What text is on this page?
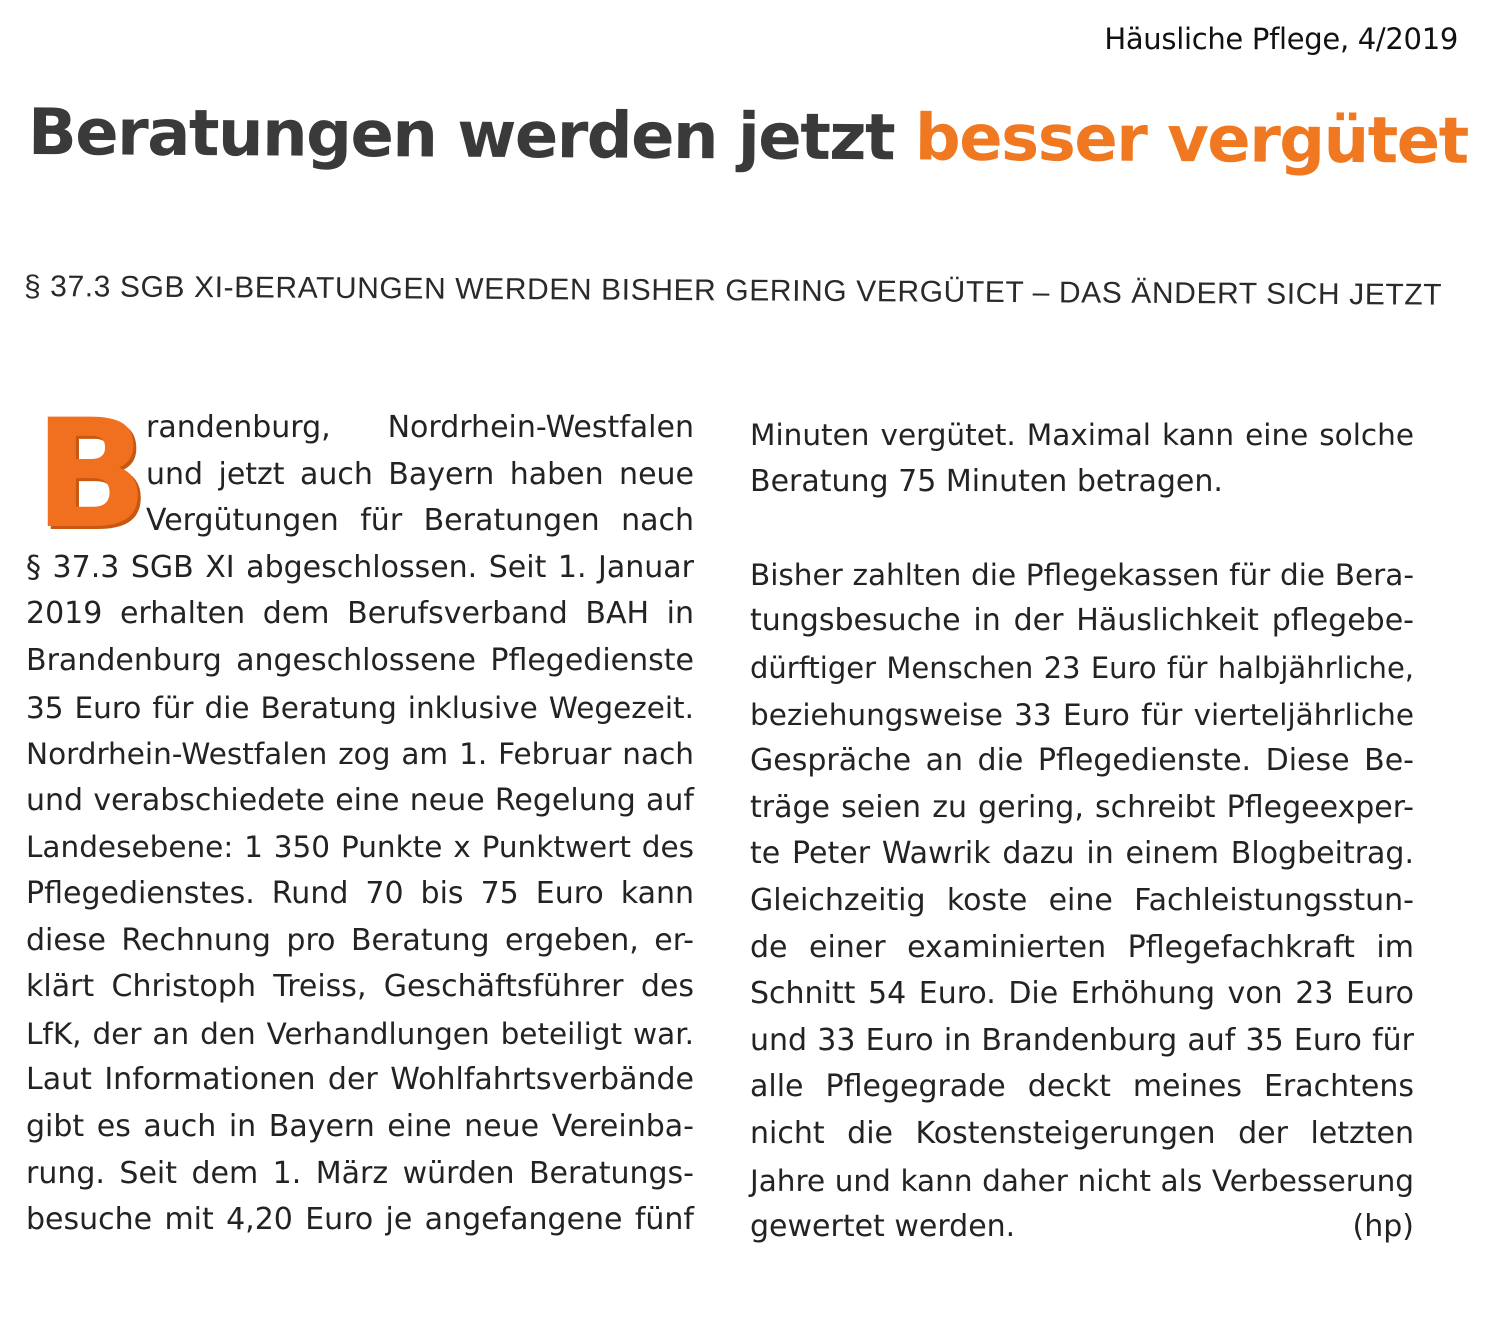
Häusliche Pflege, 4/2019
Beratungen werden jetzt besser vergütet
§ 37.3 SGB XI-BERATUNGEN WERDEN BISHER GERING VERGÜTET – DAS ÄNDERT SICH JETZT
B
randenburg, Nordrhein-Westfalen
und jetzt auch Bayern haben neue
Vergütungen für Beratungen nach
§ 37.3 SGB XI abgeschlossen. Seit 1. Januar
2019 erhalten dem Berufsverband BAH in
Brandenburg angeschlossene Pflegedienste
35 Euro für die Beratung inklusive Wegezeit.
Nordrhein-Westfalen zog am 1. Februar nach
und verabschiedete eine neue Regelung auf
Landesebene: 1 350 Punkte x Punktwert des
Pflegedienstes. Rund 70 bis 75 Euro kann
diese Rechnung pro Beratung ergeben, er-
klärt Christoph Treiss, Geschäftsführer des
LfK, der an den Verhandlungen beteiligt war.
Laut Informationen der Wohlfahrtsverbände
gibt es auch in Bayern eine neue Vereinba-
rung. Seit dem 1. März würden Beratungs-
besuche mit 4,20 Euro je angefangene fünf
Minuten vergütet. Maximal kann eine solche
Beratung 75 Minuten betragen.
Bisher zahlten die Pflegekassen für die Bera-
tungsbesuche in der Häuslichkeit pflegebe-
dürftiger Menschen 23 Euro für halbjährliche,
beziehungsweise 33 Euro für vierteljährliche
Gespräche an die Pflegedienste. Diese Be-
träge seien zu gering, schreibt Pflegeexper-
te Peter Wawrik dazu in einem Blogbeitrag.
Gleichzeitig koste eine Fachleistungsstun-
de einer examinierten Pflegefachkraft im
Schnitt 54 Euro. Die Erhöhung von 23 Euro
und 33 Euro in Brandenburg auf 35 Euro für
alle Pflegegrade deckt meines Erachtens
nicht die Kostensteigerungen der letzten
Jahre und kann daher nicht als Verbesserung
gewertet werden.	(hp)
